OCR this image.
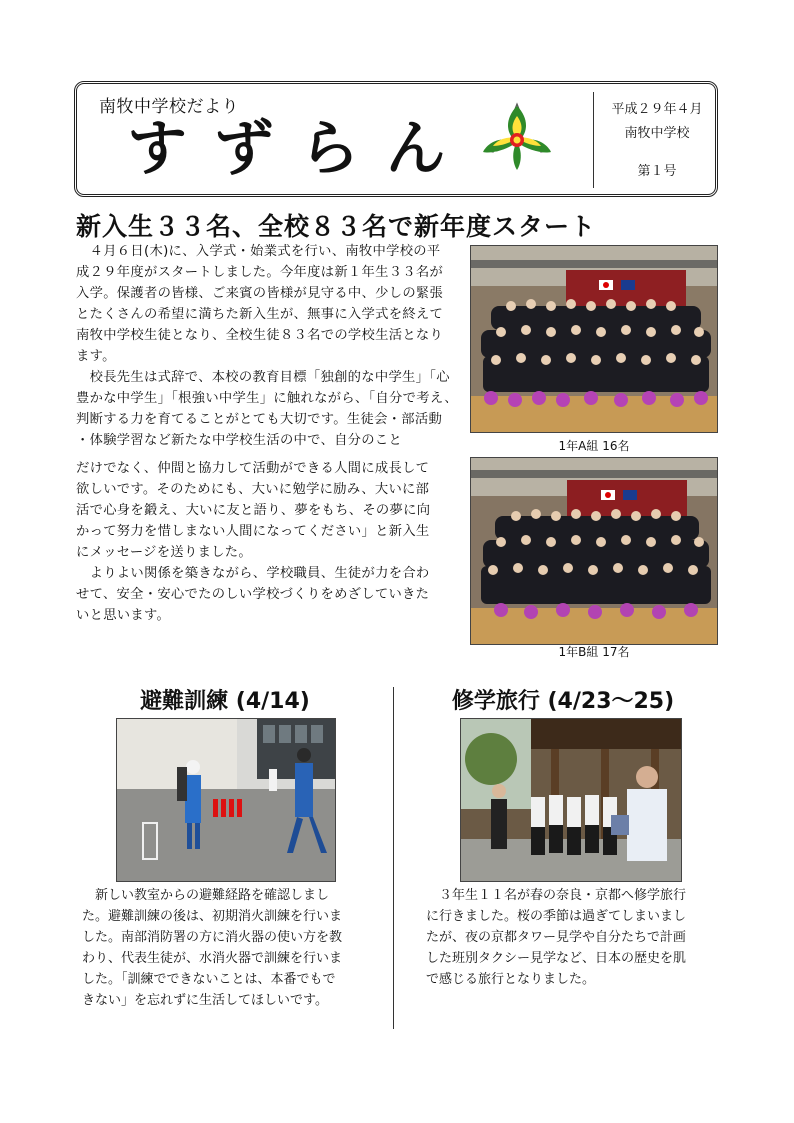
南牧中学校だより
すずらん
平成２９年４月
南牧中学校
第１号
新入生３３名、全校８３名で新年度スタート
　４月６日(木)に、入学式・始業式を行い、南牧中学校の平
成２９年度がスタートしました。今年度は新１年生３３名が
入学。保護者の皆様、ご来賓の皆様が見守る中、少しの緊張
とたくさんの希望に満ちた新入生が、無事に入学式を終えて
南牧中学校生徒となり、全校生徒８３名での学校生活となり
ます。
　校長先生は式辞で、本校の教育目標「独創的な中学生」「心
豊かな中学生」「根強い中学生」に触れながら、「自分で考え、
判断する力を育てることがとても大切です。生徒会・部活動
・体験学習など新たな中学校生活の中で、自分のこと
だけでなく、仲間と協力して活動ができる人間に成長して
欲しいです。そのためにも、大いに勉学に励み、大いに部
活で心身を鍛え、大いに友と語り、夢をもち、その夢に向
かって努力を惜しまない人間になってください」と新入生
にメッセージを送りました。
　よりよい関係を築きながら、学校職員、生徒が力を合わ
せて、安全・安心でたのしい学校づくりをめざしていきた
いと思います。
1年A組 16名
1年B組 17名
避難訓練 (4/14)
　新しい教室からの避難経路を確認しまし
た。避難訓練の後は、初期消火訓練を行いま
した。南部消防署の方に消火器の使い方を教
わり、代表生徒が、水消火器で訓練を行いま
した。「訓練でできないことは、本番でもで
きない」を忘れずに生活してほしいです。
修学旅行 (4/23～25)
　３年生１１名が春の奈良・京都へ修学旅行
に行きました。桜の季節は過ぎてしまいまし
たが、夜の京都タワー見学や自分たちで計画
した班別タクシー見学など、日本の歴史を肌
で感じる旅行となりました。
